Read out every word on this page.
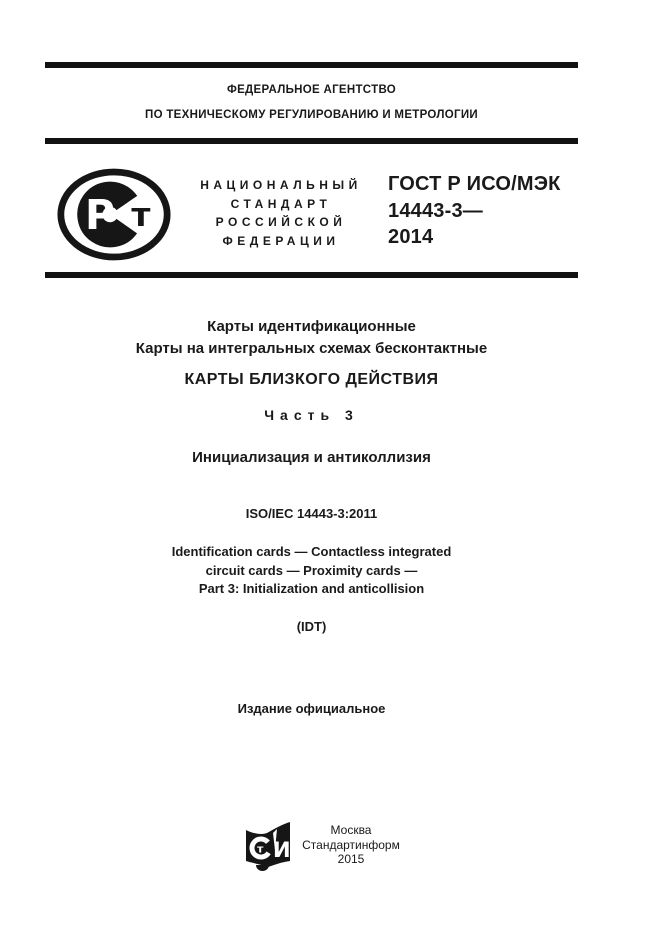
ФЕДЕРАЛЬНОЕ АГЕНТСТВО
ПО ТЕХНИЧЕСКОМУ РЕГУЛИРОВАНИЮ И МЕТРОЛОГИИ
Р т
НАЦИОНАЛЬНЫЙ
СТАНДАРТ
РОССИЙСКОЙ
ФЕДЕРАЦИИ
ГОСТ Р ИСО/МЭК
14443-3—
2014
Карты идентификационные
Карты на интегральных схемах бесконтактные
КАРТЫ БЛИЗКОГО ДЕЙСТВИЯ
Часть 3
Инициализация и антиколлизия
ISO/IEC 14443-3:2011
Identification cards — Contactless integrated
circuit cards — Proximity cards —
Part 3: Initialization and anticollision
(IDT)
Издание официальное
т И
Москва
Стандартинформ
2015
